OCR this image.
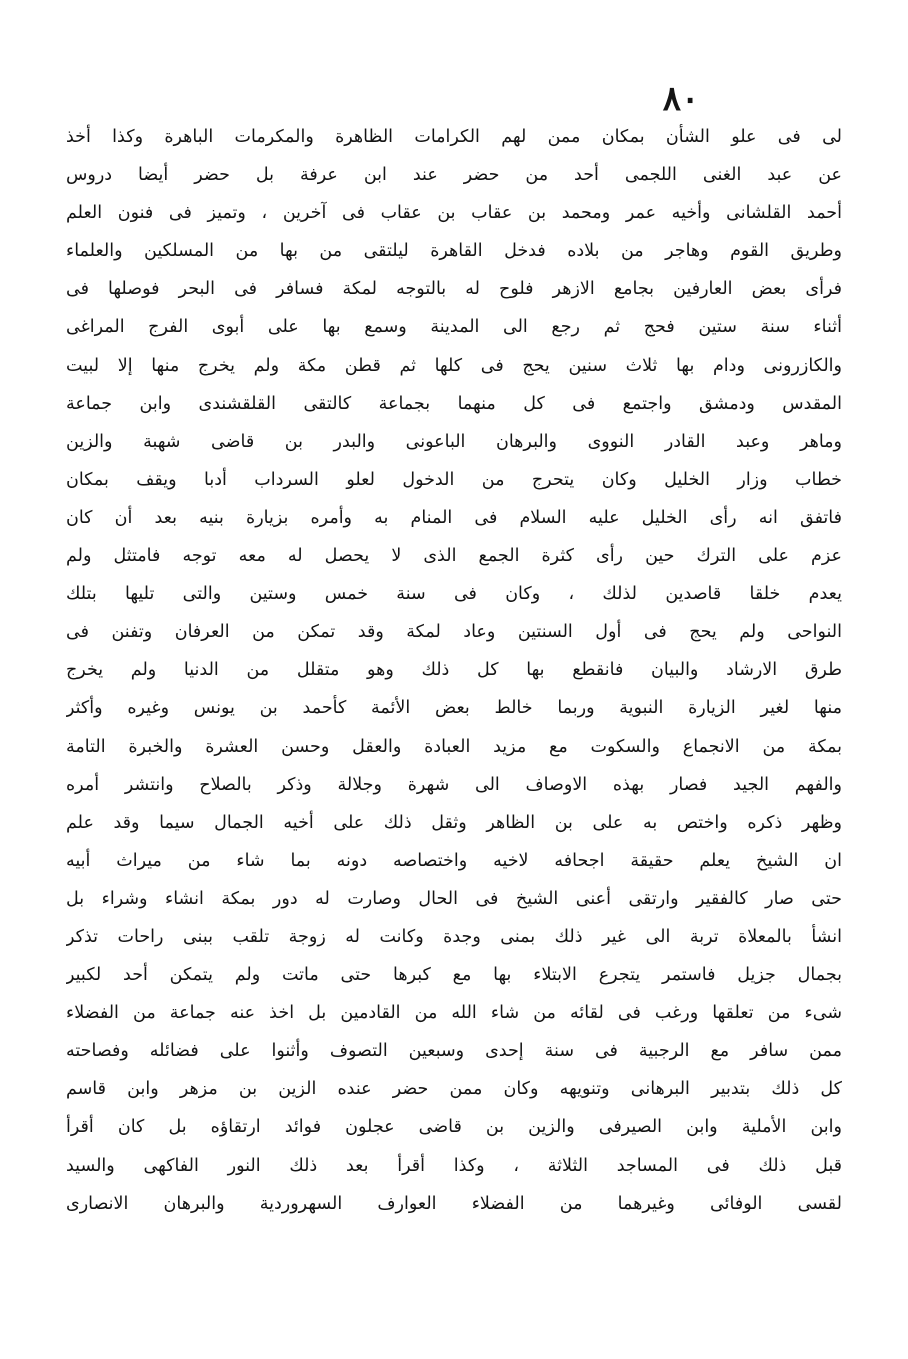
٨٠
لى فى علو الشأن بمكان ممن لهم الكرامات الظاهرة والمكرمات الباهرة وكذا أخذ
عن عبد الغنى اللجمى أحد من حضر عند ابن عرفة بل حضر أيضا دروس
أحمد القلشانى وأخيه عمر ومحمد بن عقاب بن عقاب فى آخرين ، وتميز فى فنون العلم
وطريق القوم وهاجر من بلاده فدخل القاهرة ليلتقى من بها من المسلكين والعلماء
فرأى بعض العارفين بجامع الازهر فلوح له بالتوجه لمكة فسافر فى البحر فوصلها فى
أثناء سنة ستين فحج ثم رجع الى المدينة وسمع بها على أبوى الفرج المراغى
والكازرونى ودام بها ثلاث سنين يحج فى كلها ثم قطن مكة ولم يخرج منها إلا لبيت
المقدس ودمشق واجتمع فى كل منهما بجماعة كالتقى القلقشندى وابن جماعة
وماهر وعبد القادر النووى والبرهان الباعونى والبدر بن قاضى شهبة والزين
خطاب وزار الخليل وكان يتحرج من الدخول لعلو السرداب أدبا ويقف بمكان
فاتفق انه رأى الخليل عليه السلام فى المنام به وأمره بزيارة بنيه بعد أن كان
عزم على الترك حين رأى كثرة الجمع الذى لا يحصل له معه توجه فامتثل ولم
يعدم خلقا قاصدين لذلك ، وكان فى سنة خمس وستين والتى تليها بتلك
النواحى ولم يحج فى أول السنتين وعاد لمكة وقد تمكن من العرفان وتفنن فى
طرق الارشاد والبيان فانقطع بها كل ذلك وهو متقلل من الدنيا ولم يخرج
منها لغير الزيارة النبوية وربما خالط بعض الأئمة كأحمد بن يونس وغيره وأكثر
بمكة من الانجماع والسكوت مع مزيد العبادة والعقل وحسن العشرة والخبرة التامة
والفهم الجيد فصار بهذه الاوصاف الى شهرة وجلالة وذكر بالصلاح وانتشر أمره
وظهر ذكره واختص به على بن الظاهر وثقل ذلك على أخيه الجمال سيما وقد علم
ان الشيخ يعلم حقيقة اجحافه لاخيه واختصاصه دونه بما شاء من ميراث أبيه
حتى صار كالفقير وارتقى أعنى الشيخ فى الحال وصارت له دور بمكة انشاء وشراء بل
انشأ بالمعلاة تربة الى غير ذلك بمنى وجدة وكانت له زوجة تلقب ببنى راحات تذكر
بجمال جزيل فاستمر يتجرع الابتلاء بها مع كبرها حتى ماتت ولم يتمكن أحد لكبير
شىء من تعلقها ورغب فى لقائه من شاء الله من القادمين بل اخذ عنه جماعة من الفضلاء
ممن سافر مع الرجبية فى سنة إحدى وسبعين التصوف وأثنوا على فضائله وفصاحته
كل ذلك بتدبير البرهانى وتنويهه وكان ممن حضر عنده الزين بن مزهر وابن قاسم
وابن الأملية وابن الصيرفى والزين بن قاضى عجلون فوائد ارتقاؤه بل كان أقرأ
قبل ذلك فى المساجد الثلاثة ، وكذا أقرأ بعد ذلك النور الفاكهى والسيد
لقسى الوفائى وغيرهما من الفضلاء العوارف السهروردية والبرهان الانصارى
